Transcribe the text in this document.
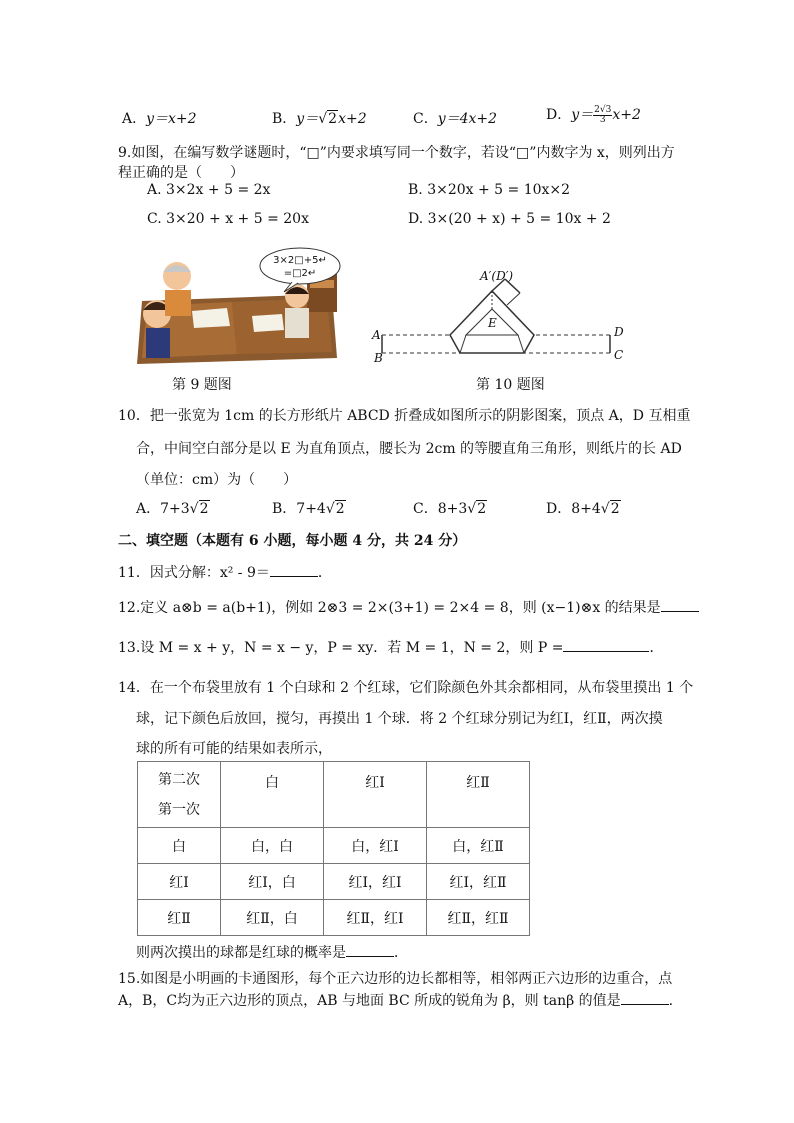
A．y＝x+2	B．y＝√2x+2	C．y＝4x+2	D．$y= \frac{2√3}{3} x+2$
9.如图，在编写数学谜题时，“□”内要求填写同一个数字，若设“□”内数字为 x，则列出方
程正确的是（　　）
A. 3×2x + 5 = 2x	B. 3×20x + 5 = 10x×2
C. 3×20 + x + 5 = 20x	D. 3×(20 + x) + 5 = 10x + 2
3×2□+5↵
=□2↵
第 9 题图
A′(D′)
E
A
B
D
C
第 10 题图
10．把一张宽为 1cm 的长方形纸片 ABCD 折叠成如图所示的阴影图案，顶点 A，D 互相重
合，中间空白部分是以 E 为直角顶点，腰长为 2cm 的等腰直角三角形，则纸片的长 AD
（单位：cm）为（　　）
A．7+3√2	B．7+4√2	C．8+3√2	D．8+4√2
二、填空题（本题有 6 小题，每小题 4 分，共 24 分）
11．因式分解：x² - 9＝	．
12.定义 a⊗b = a(b+1)，例如 2⊗3 = 2×(3+1) = 2×4 = 8，则 (x−1)⊗x 的结果是
13.设 M = x + y，N = x − y，P = xy．若 M = 1，N = 2，则 P =	．
14．在一个布袋里放有 1 个白球和 2 个红球，它们除颜色外其余都相同，从布袋里摸出 1 个
球，记下颜色后放回，搅匀，再摸出 1 个球．将 2 个红球分别记为红Ⅰ，红Ⅱ，两次摸
球的所有可能的结果如表所示，
第二次
第一次	白	红Ⅰ	红Ⅱ
白	白，白	白，红Ⅰ	白，红Ⅱ
红Ⅰ	红Ⅰ，白	红Ⅰ，红Ⅰ	红Ⅰ，红Ⅱ
红Ⅱ	红Ⅱ，白	红Ⅱ，红Ⅰ	红Ⅱ，红Ⅱ
则两次摸出的球都是红球的概率是	．
15.如图是小明画的卡通图形，每个正六边形的边长都相等，相邻两正六边形的边重合，点
A，B，C均为正六边形的顶点，AB 与地面 BC 所成的锐角为 β，则 tanβ 的值是	.
